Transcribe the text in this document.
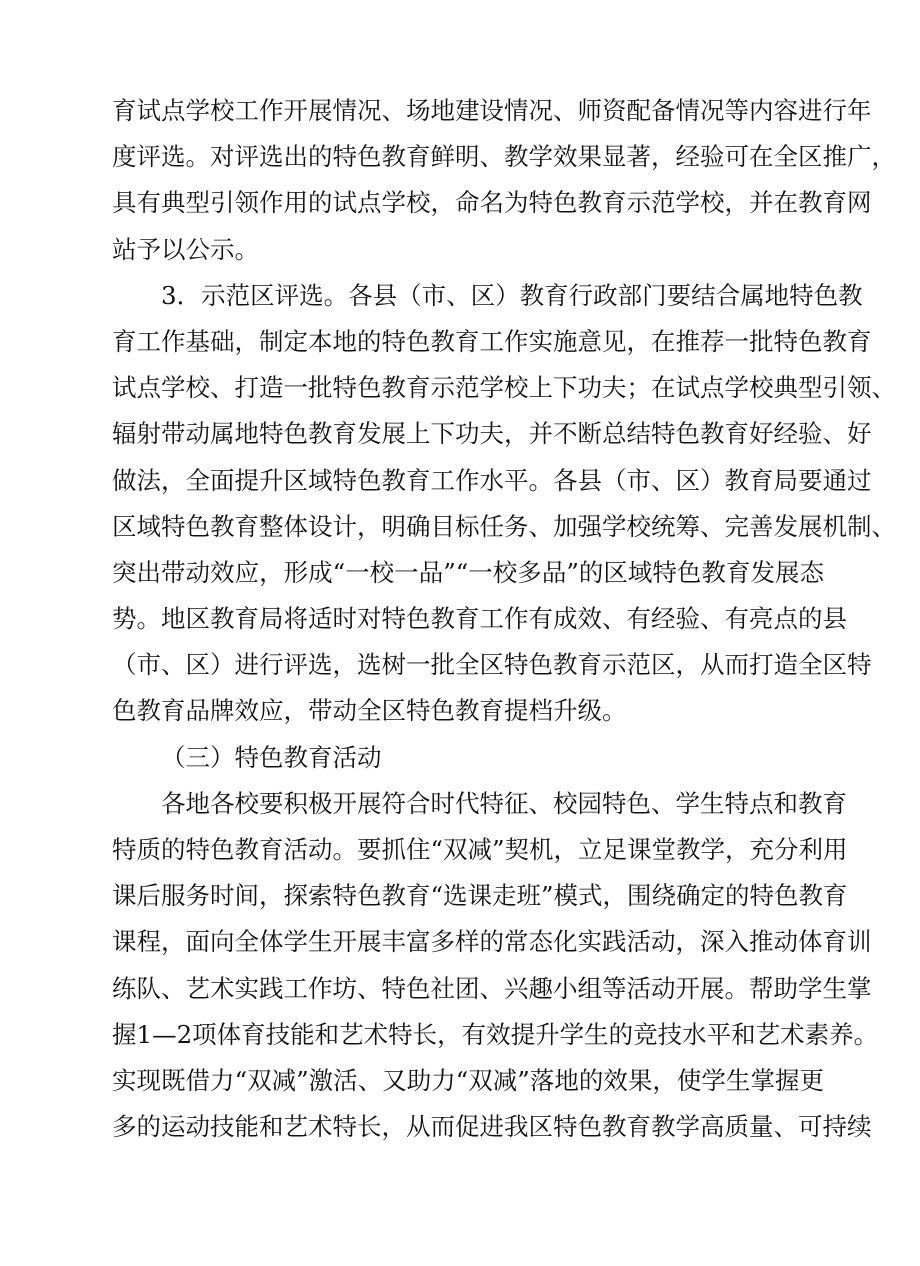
育试点学校工作开展情况、场地建设情况、师资配备情况等内容进行年
度评选。对评选出的特色教育鲜明、教学效果显著，经验可在全区推广，
具有典型引领作用的试点学校，命名为特色教育示范学校，并在教育网
站予以公示。
3．示范区评选。各县（市、区）教育行政部门要结合属地特色教
育工作基础，制定本地的特色教育工作实施意见，在推荐一批特色教育
试点学校、打造一批特色教育示范学校上下功夫；在试点学校典型引领、
辐射带动属地特色教育发展上下功夫，并不断总结特色教育好经验、好
做法，全面提升区域特色教育工作水平。各县（市、区）教育局要通过
区域特色教育整体设计，明确目标任务、加强学校统筹、完善发展机制、
突出带动效应，形成“一校一品”“一校多品”的区域特色教育发展态
势。地区教育局将适时对特色教育工作有成效、有经验、有亮点的县
（市、区）进行评选，选树一批全区特色教育示范区，从而打造全区特
色教育品牌效应，带动全区特色教育提档升级。
（三）特色教育活动
各地各校要积极开展符合时代特征、校园特色、学生特点和教育
特质的特色教育活动。要抓住“双减”契机，立足课堂教学，充分利用
课后服务时间，探索特色教育“选课走班”模式，围绕确定的特色教育
课程，面向全体学生开展丰富多样的常态化实践活动，深入推动体育训
练队、艺术实践工作坊、特色社团、兴趣小组等活动开展。帮助学生掌
握1—2项体育技能和艺术特长，有效提升学生的竞技水平和艺术素养。
实现既借力“双减”激活、又助力“双减”落地的效果，使学生掌握更
多的运动技能和艺术特长，从而促进我区特色教育教学高质量、可持续
